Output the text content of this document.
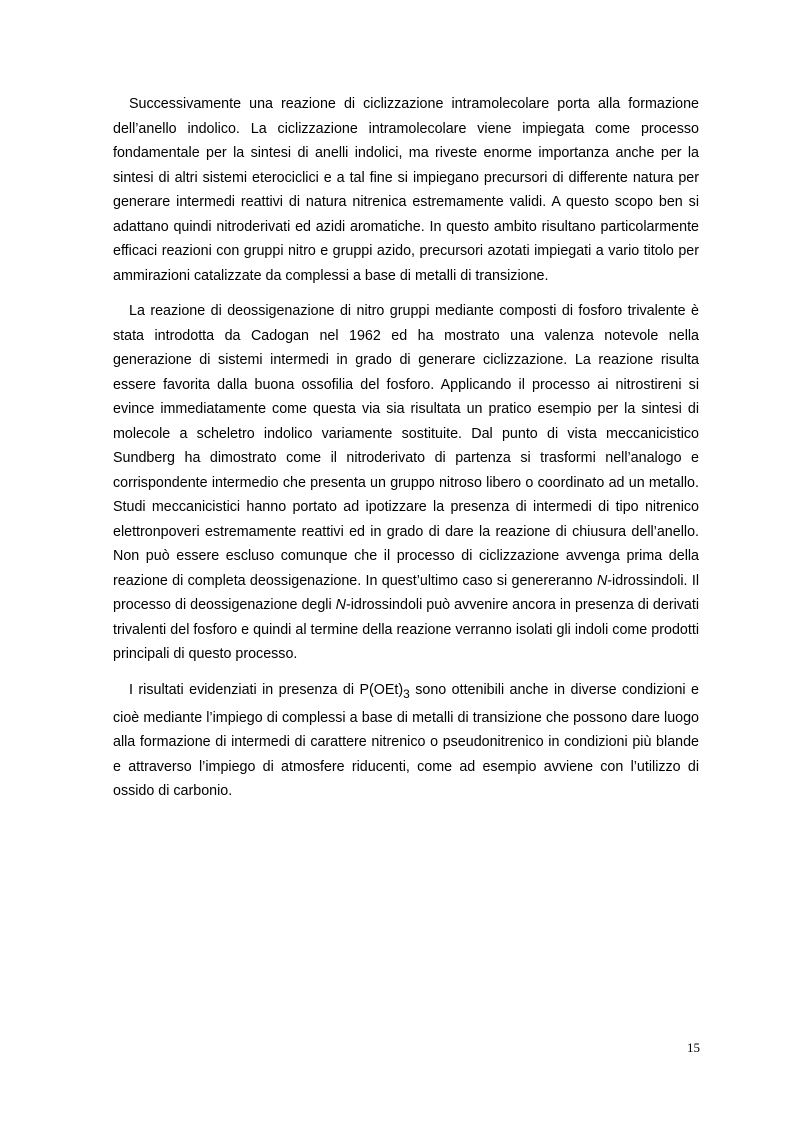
Successivamente una reazione di ciclizzazione intramolecolare porta alla formazione dell’anello indolico. La ciclizzazione intramolecolare viene impiegata come processo fondamentale per la sintesi di anelli indolici, ma riveste enorme importanza anche per la sintesi di altri sistemi eterociclici e a tal fine si impiegano precursori di differente natura per generare intermedi reattivi di natura nitrenica estremamente validi. A questo scopo ben si adattano quindi nitroderivati ed azidi aromatiche. In questo ambito risultano particolarmente efficaci reazioni con gruppi nitro e gruppi azido, precursori azotati impiegati a vario titolo per ammirazioni catalizzate da complessi a base di metalli di transizione.

La reazione di deossigenazione di nitro gruppi mediante composti di fosforo trivalente è stata introdotta da Cadogan nel 1962 ed ha mostrato una valenza notevole nella generazione di sistemi intermedi in grado di generare ciclizzazione. La reazione risulta essere favorita dalla buona ossofilia del fosforo. Applicando il processo ai nitrostireni si evince immediatamente come questa via sia risultata un pratico esempio per la sintesi di molecole a scheletro indolico variamente sostituite. Dal punto di vista meccanicistico Sundberg ha dimostrato come il nitroderivato di partenza si trasformi nell’analogo e corrispondente intermedio che presenta un gruppo nitroso libero o coordinato ad un metallo. Studi meccanicistici hanno portato ad ipotizzare la presenza di intermedi di tipo nitrenico elettronpoveri estremamente reattivi ed in grado di dare la reazione di chiusura dell’anello. Non può essere escluso comunque che il processo di ciclizzazione avvenga prima della reazione di completa deossigenazione. In quest’ultimo caso si genereranno N-idrossindoli. Il processo di deossigenazione degli N-idrossindoli può avvenire ancora in presenza di derivati trivalenti del fosforo e quindi al termine della reazione verranno isolati gli indoli come prodotti principali di questo processo.

I risultati evidenziati in presenza di $P(OEt)_3$ sono ottenibili anche in diverse condizioni e cioè mediante l’impiego di complessi a base di metalli di transizione che possono dare luogo alla formazione di intermedi di carattere nitrenico o pseudonitrenico in condizioni più blande e attraverso l’impiego di atmosfere riducenti, come ad esempio avviene con l’utilizzo di ossido di carbonio.

15
